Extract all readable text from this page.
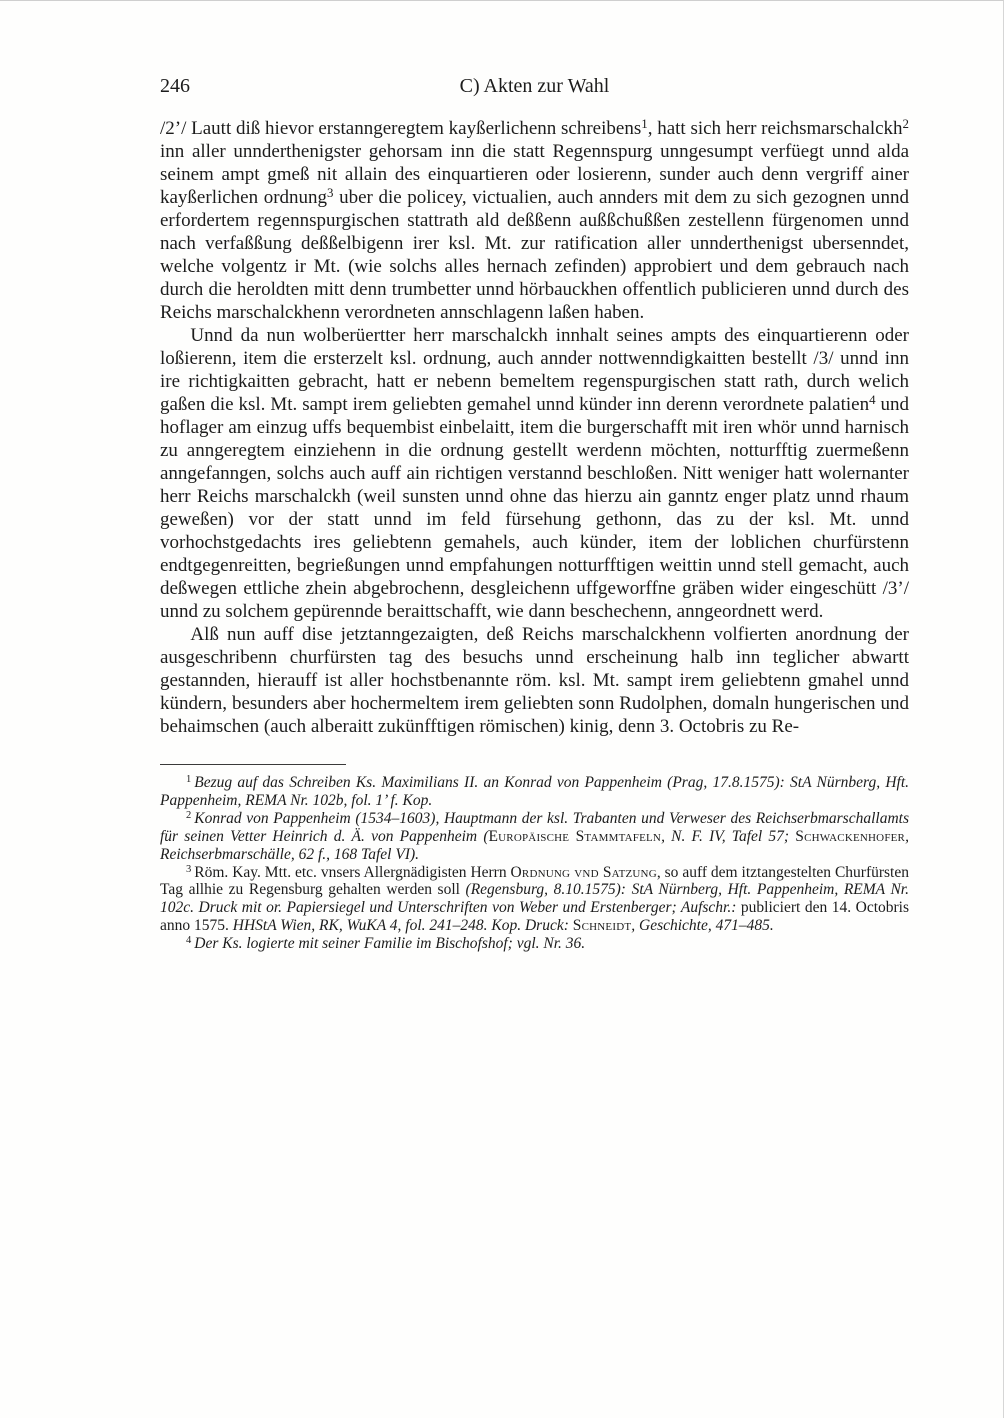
246	C) Akten zur Wahl

/2’/ Lautt diß hievor erstanngeregtem kayßerlichenn schreibens$^1$, hatt sich herr reichsmarschalckh$^2$ inn aller unnderthenigster gehorsam inn die statt Regennspurg unngesumpt verfüegt unnd alda seinem ampt gmeß nit allain des einquartieren oder losierenn, sunder auch denn vergriff ainer kayßerlichen ordnung$^3$ uber die policey, victualien, auch annders mit dem zu sich gezognen unnd erfordertem regennspurgischen stattrath ald deßßenn außßchußßen zestellenn fürgenomen unnd nach verfaßßung deßßelbigenn irer ksl. Mt. zur ratification aller unnderthenigst ubersenndet, welche volgentz ir Mt. (wie solchs alles hernach zefinden) approbiert und dem gebrauch nach durch die heroldten mitt denn trumbetter unnd hörbauckhen offentlich publicieren unnd durch des Reichs marschalckhenn verordneten annschlagenn laßen haben.

Unnd da nun wolberüertter herr marschalckh innhalt seines ampts des einquartierenn oder loßierenn, item die ersterzelt ksl. ordnung, auch annder nottwenndigkaitten bestellt /3/ unnd inn ire richtigkaitten gebracht, hatt er nebenn bemeltem regenspurgischen statt rath, durch welich gaßen die ksl. Mt. sampt irem geliebten gemahel unnd künder inn derenn verordnete palatien$^4$ und hoflager am einzug uffs bequembist einbelaitt, item die burgerschafft mit iren whör unnd harnisch zu anngeregtem einziehenn in die ordnung gestellt werdenn möchten, notturfftig zuermeßenn anngefanngen, solchs auch auff ain richtigen verstannd beschloßen. Nitt weniger hatt wolernanter herr Reichs marschalckh (weil sunsten unnd ohne das hierzu ain ganntz enger platz unnd rhaum geweßen) vor der statt unnd im feld fürsehung gethonn, das zu der ksl. Mt. unnd vorhochstgedachts ires geliebtenn gemahels, auch künder, item der loblichen churfürstenn endtgegenreitten, begrießungen unnd empfahungen notturfftigen weittin unnd stell gemacht, auch deßwegen ettliche zhein abgebrochenn, desgleichenn uffgeworffne gräben wider eingeschütt /3’/ unnd zu solchem gepürennde beraittschafft, wie dann beschechenn, anngeordnett werd.

Alß nun auff dise jetztanngezaigten, deß Reichs marschalckhenn volfierten anordnung der ausgeschribenn churfürsten tag des besuchs unnd erscheinung halb inn teglicher abwartt gestannden, hierauff ist aller hochstbenannte röm. ksl. Mt. sampt irem geliebtenn gmahel unnd kündern, besunders aber hochermeltem irem geliebten sonn Rudolphen, domaln hungerischen und behaimschen (auch alberaitt zukünfftigen römischen) kinig, denn 3. Octobris zu Re-

$^1$ Bezug auf das Schreiben Ks. Maximilians II. an Konrad von Pappenheim (Prag, 17.8.1575): StA Nürnberg, Hft. Pappenheim, REMA Nr. 102b, fol. 1’ f. Kop.

$^2$ Konrad von Pappenheim (1534–1603), Hauptmann der ksl. Trabanten und Verweser des Reichserbmarschallamts für seinen Vetter Heinrich d. Ä. von Pappenheim (Europäische Stammtafeln, N. F. IV, Tafel 57; Schwackenhofer, Reichserbmarschälle, 62 f., 168 Tafel VI).

$^3$ Röm. Kay. Mtt. etc. vnsers Allergnädigisten Herrn Ordnung vnd Satzung, so auff dem itztangestelten Churfürsten Tag allhie zu Regensburg gehalten werden soll (Regensburg, 8.10.1575): StA Nürnberg, Hft. Pappenheim, REMA Nr. 102c. Druck mit or. Papiersiegel und Unterschriften von Weber und Erstenberger; Aufschr.: publiciert den 14. Octobris anno 1575. HHStA Wien, RK, WuKA 4, fol. 241–248. Kop. Druck: Schneidt, Geschichte, 471–485.

$^4$ Der Ks. logierte mit seiner Familie im Bischofshof; vgl. Nr. 36.
